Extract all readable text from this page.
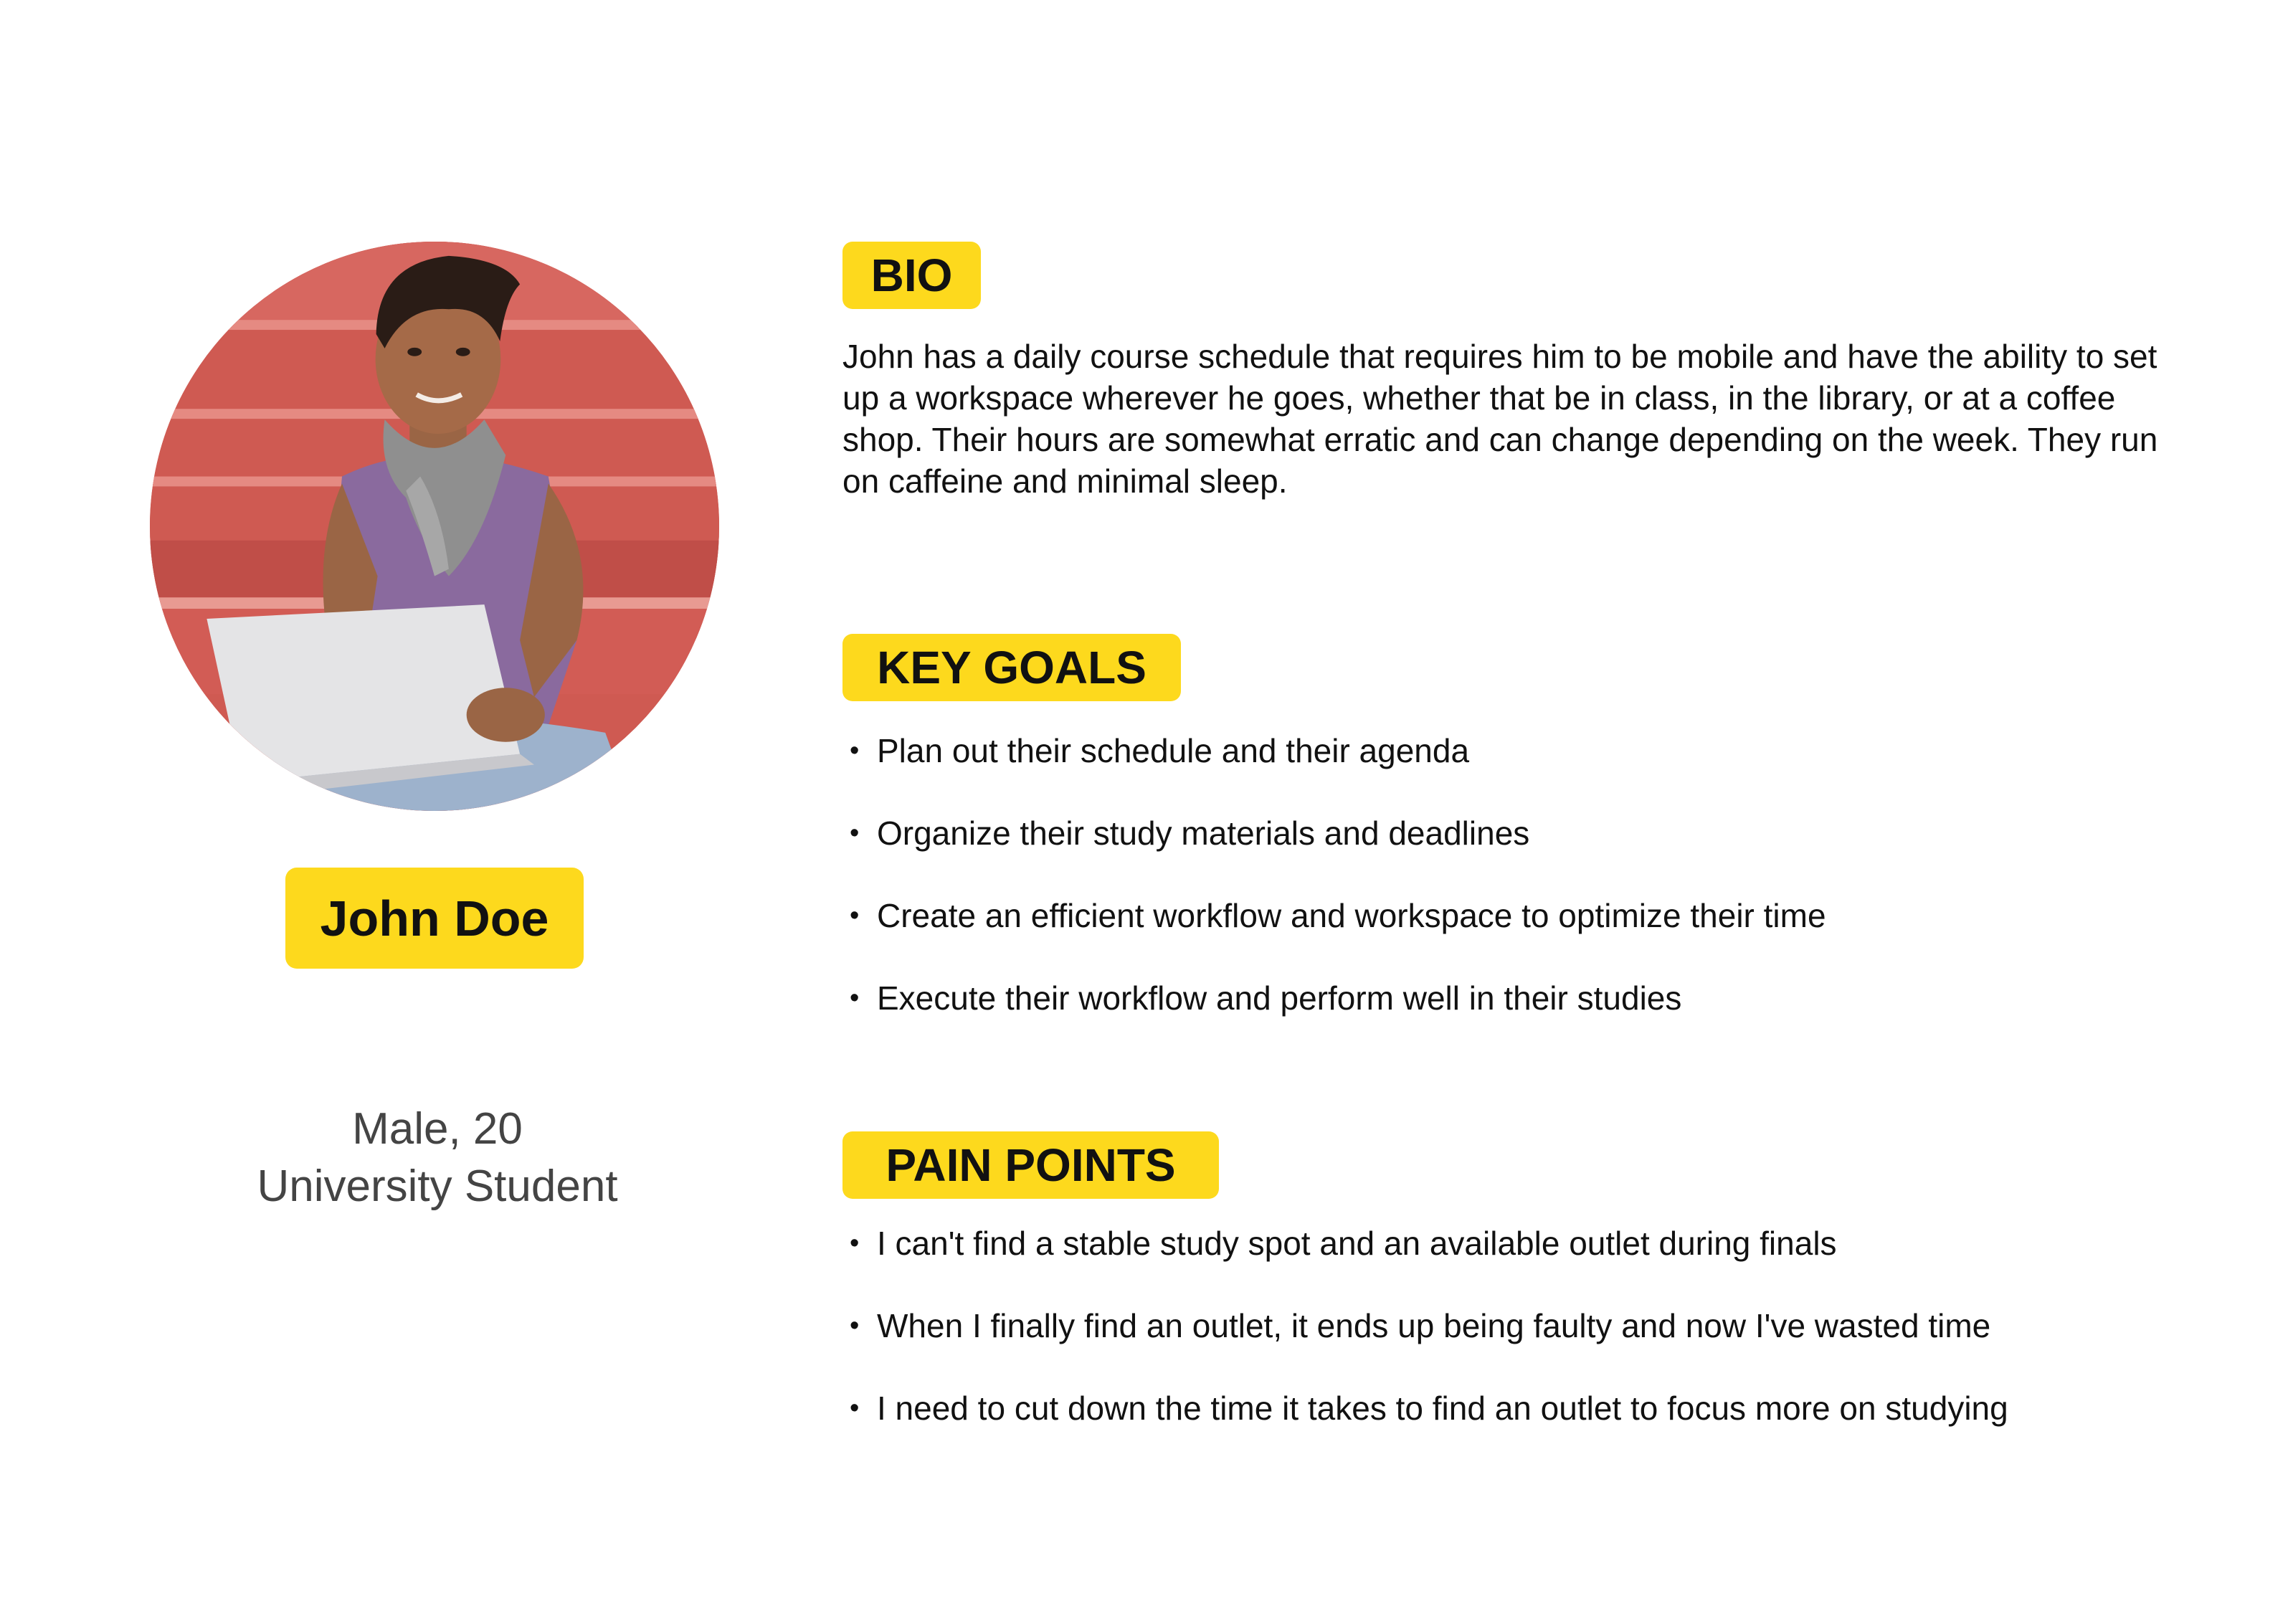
John Doe
Male, 20
University Student
BIO
John has a daily course schedule that requires him to be mobile and have the ability to set up a workspace wherever he goes, whether that be in class, in the library, or at a coffee shop. Their hours are somewhat erratic and can change depending on the week. They run on caffeine and minimal sleep.
KEY GOALS
• Plan out their schedule and their agenda
• Organize their study materials and deadlines
• Create an efficient workflow and workspace to optimize their time
• Execute their workflow and perform well in their studies
PAIN POINTS
• I can't find a stable study spot and an available outlet during finals
• When I finally find an outlet, it ends up being faulty and now I've wasted time
• I need to cut down the time it takes to find an outlet to focus more on studying
